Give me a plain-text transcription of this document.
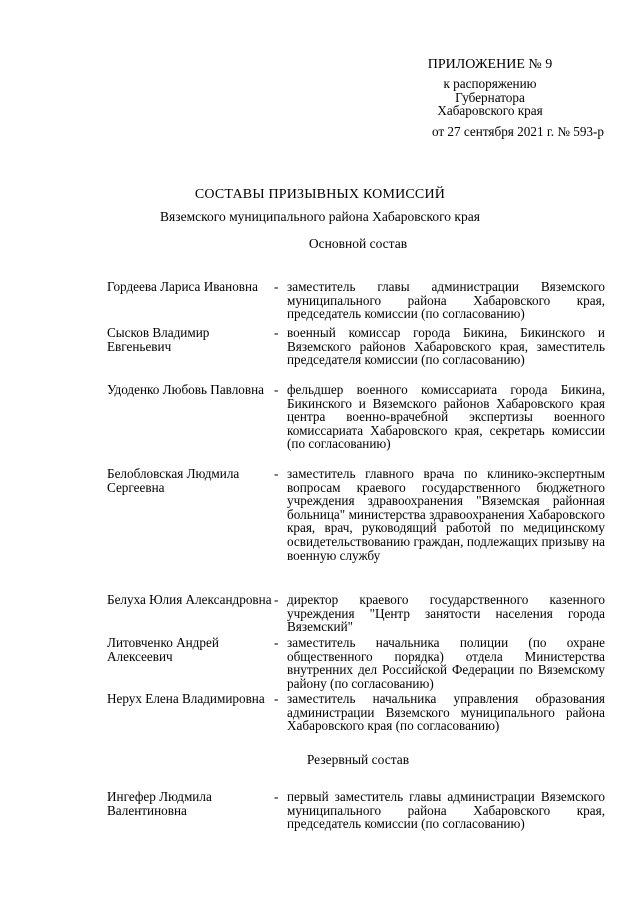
ПРИЛОЖЕНИЕ № 9
к распоряжению
Губернатора
Хабаровского края
от 27 сентября 2021 г. № 593-р
СОСТАВЫ ПРИЗЫВНЫХ КОМИССИЙ
Вяземского муниципального района Хабаровского края
Основной состав
Гордеева Лариса Ивановна	- заместитель главы администрации Вяземского муниципального района Хабаровского края, председатель комиссии (по согласованию)
Сысков Владимир Евгеньевич
- военный комиссар города Бикина, Бикинского и Вяземского районов Хабаровского края, заместитель председателя комиссии (по согласованию)
Удоденко Любовь Павловна - фельдшер военного комиссариата города Бикина, Бикинского и Вяземского районов Хабаровского края центра военно-врачебной экспертизы военного комиссариата Хабаровского края, секретарь комиссии (по согласованию)
Белобловская Людмила Сергеевна
- заместитель главного врача по клинико-экспертным вопросам краевого государственного бюджетного учреждения здравоохранения "Вяземская районная больница" министерства здравоохранения Хабаровского края, врач, руководящий работой по медицинскому освидетельствованию граждан, подлежащих призыву на военную службу
Белуха Юлия Александровна - директор краевого государственного казенного учреждения "Центр занятости населения города Вяземский"
Литовченко Андрей Алексеевич
- заместитель начальника полиции (по охране общественного порядка) отдела Министерства внутренних дел Российской Федерации по Вяземскому району (по согласованию)
Нерух Елена Владимировна - заместитель начальника управления образования администрации Вяземского муниципального района Хабаровского края (по согласованию)
Резервный состав
Ингефер Людмила Валентиновна
- первый заместитель главы администрации Вяземского муниципального района Хабаровского края, председатель комиссии (по согласованию)
